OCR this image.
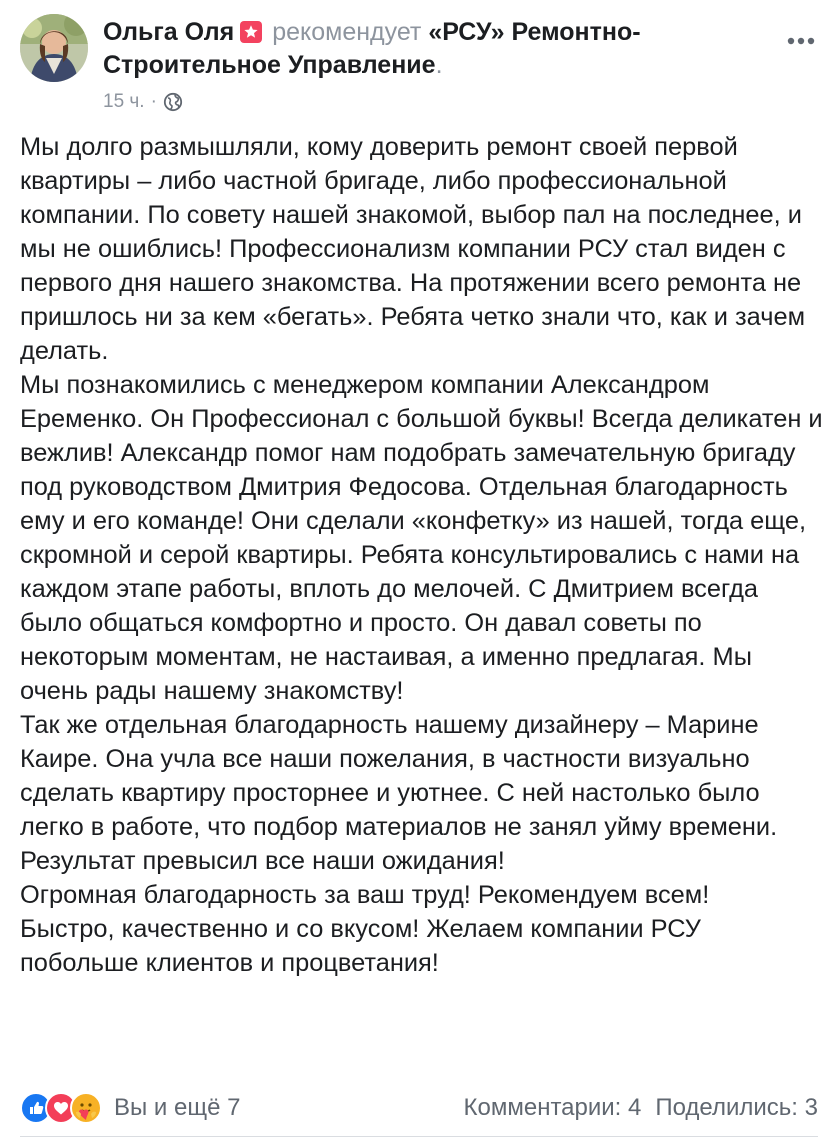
Ольга Оля рекомендует «РСУ» Ремонтно-Строительное Управление.
15 ч. ·

Мы долго размышляли, кому доверить ремонт своей первой квартиры – либо частной бригаде, либо профессиональной компании. По совету нашей знакомой, выбор пал на последнее, и мы не ошиблись! Профессионализм компании РСУ стал виден с первого дня нашего знакомства. На протяжении всего ремонта не пришлось ни за кем «бегать». Ребята четко знали что, как и зачем делать.

Мы познакомились с менеджером компании Александром Еременко. Он Профессионал с большой буквы! Всегда деликатен и вежлив! Александр помог нам подобрать замечательную бригаду под руководством Дмитрия Федосова. Отдельная благодарность ему и его команде! Они сделали «конфетку» из нашей, тогда еще,  скромной и серой квартиры. Ребята консультировались с нами на каждом этапе работы, вплоть до мелочей. С Дмитрием всегда было общаться комфортно и просто. Он давал советы по некоторым моментам, не настаивая, а именно предлагая. Мы очень рады нашему знакомству!

Так же отдельная благодарность нашему дизайнеру – Марине Каире. Она учла все наши пожелания, в частности визуально сделать квартиру просторнее и уютнее. С ней настолько было легко в работе, что подбор материалов не занял уйму времени. Результат превысил все наши ожидания!

Огромная благодарность за ваш труд! Рекомендуем всем!

Быстро, качественно и со вкусом! Желаем компании РСУ побольше клиентов и процветания!

Вы и ещё 7	Комментарии: 4 Поделились: 3
